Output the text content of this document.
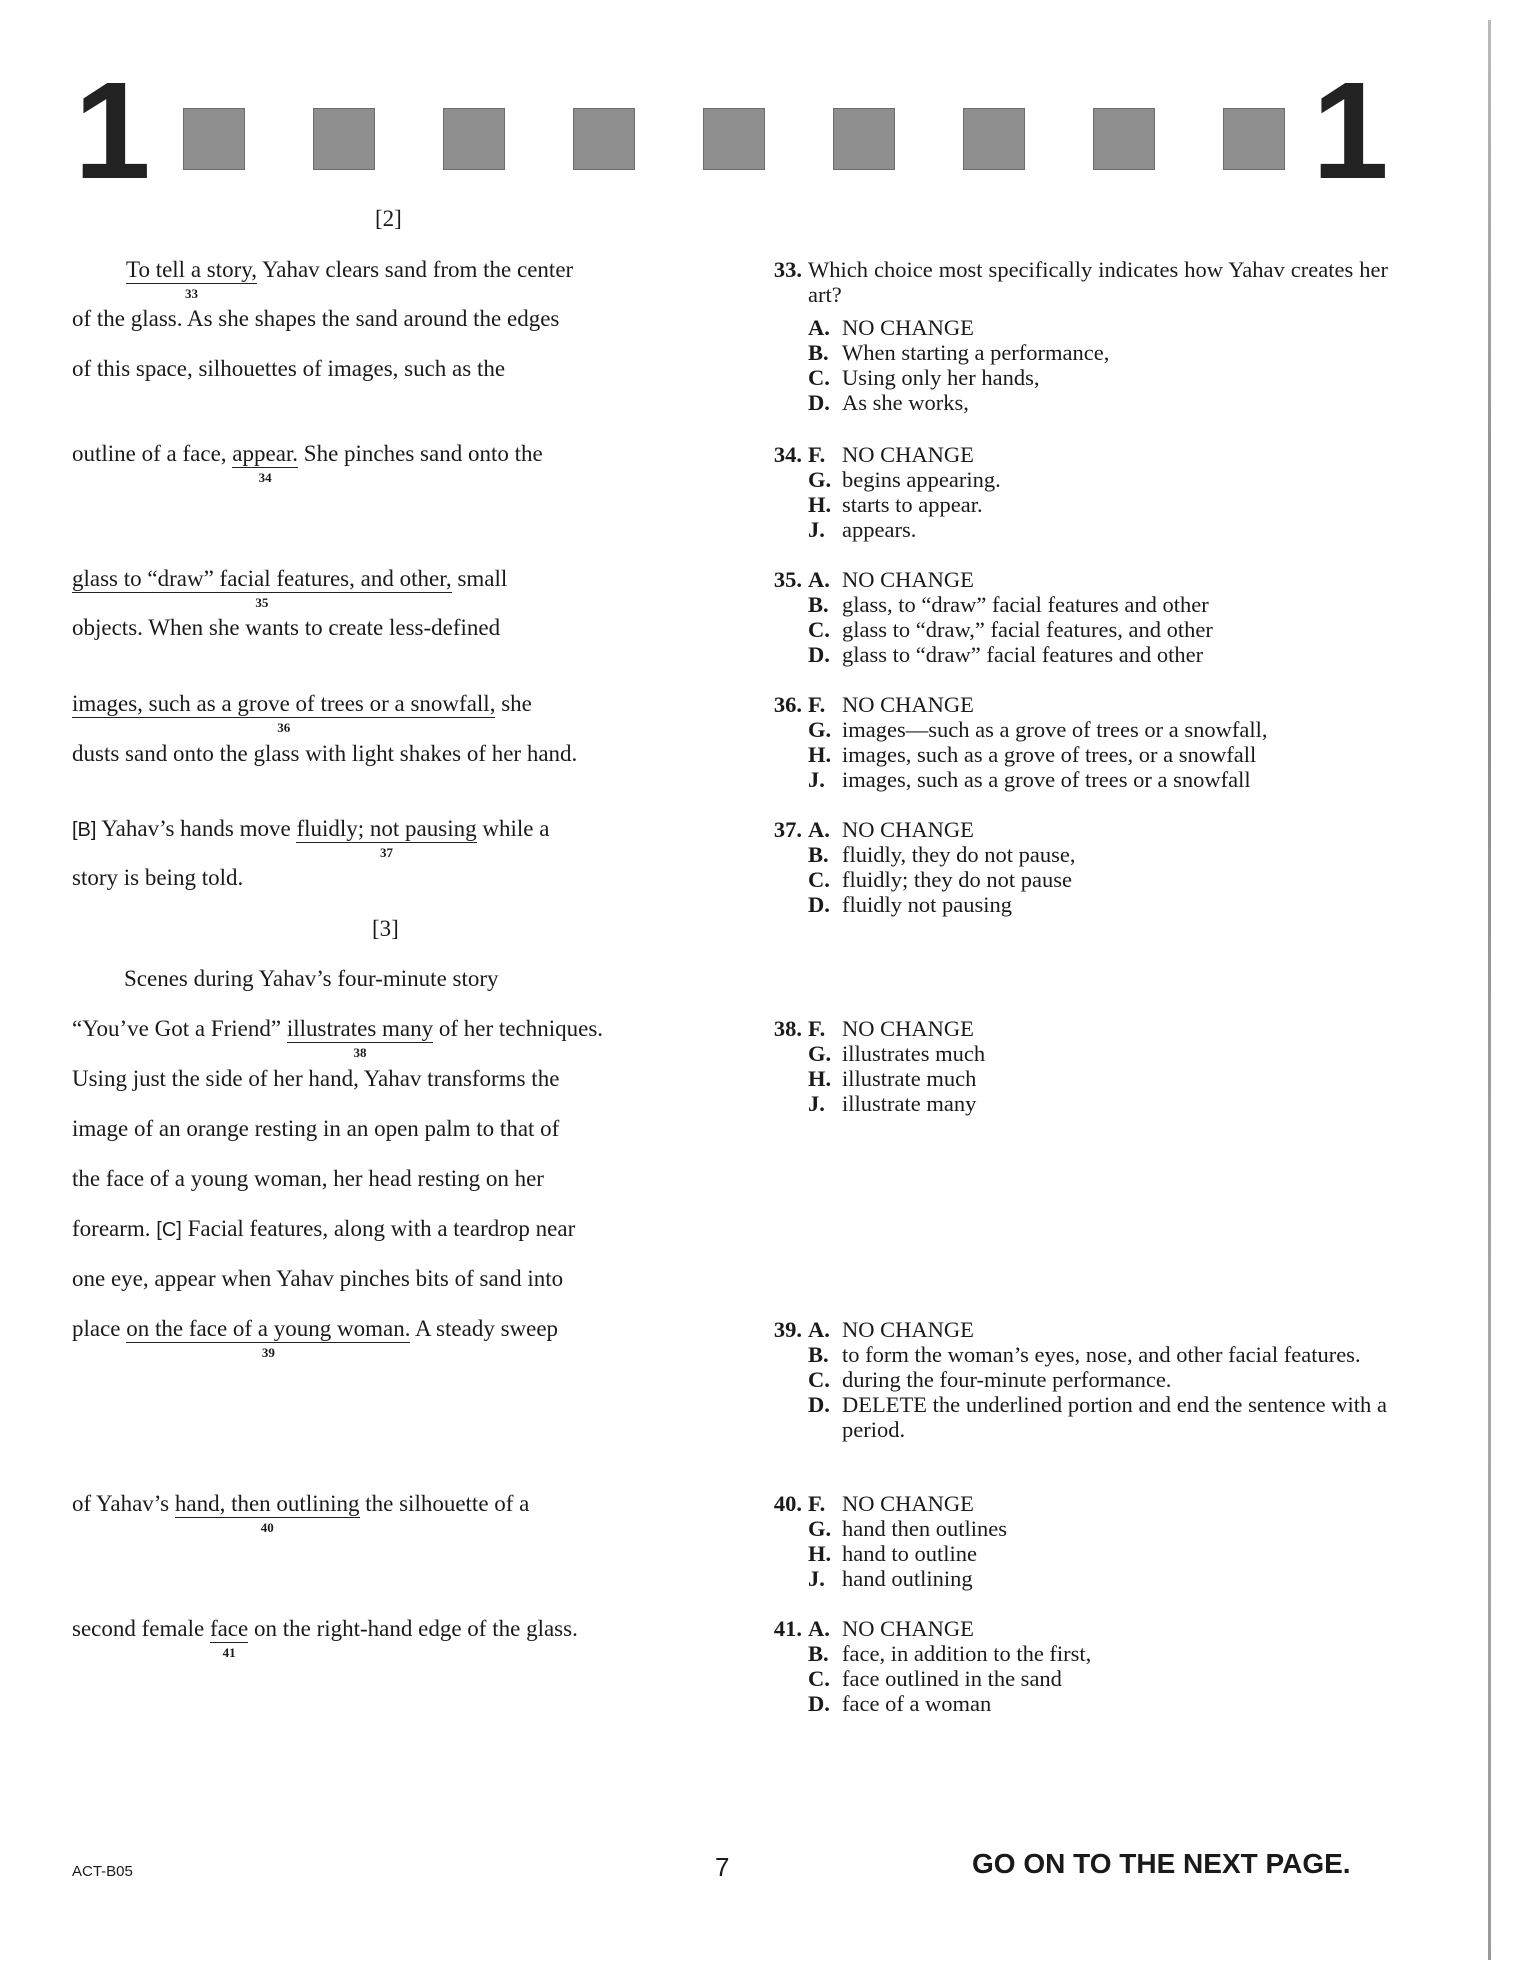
1	1
[2]
To tell a story,
33
Yahav clears sand from the center
of the glass. As she shapes the sand around the edges
of this space, silhouettes of images, such as the
outline of a face, appear.
34
She pinches sand onto the
glass to “draw” facial features, and other,
35
small
objects. When she wants to create less-defined
images, such as a grove of trees or a snowfall,
36
she
dusts sand onto the glass with light shakes of her hand.
[B] Yahav’s hands move fluidly; not pausing
37
while a
story is being told.
[3]
Scenes during Yahav’s four-minute story
“You’ve Got a Friend” illustrates many
38
of her techniques.
Using just the side of her hand, Yahav transforms the
image of an orange resting in an open palm to that of
the face of a young woman, her head resting on her
forearm. [C] Facial features, along with a teardrop near
one eye, appear when Yahav pinches bits of sand into
place on the face of a young woman.
39
A steady sweep
of Yahav’s hand, then outlining
40
the silhouette of a
second female face
41
on the right-hand edge of the glass.
33. Which choice most specifically indicates how Yahav creates her art?
A. NO CHANGE
B. When starting a performance,
C. Using only her hands,
D. As she works,
34. F. NO CHANGE
G. begins appearing.
H. starts to appear.
J. appears.
35. A. NO CHANGE
B. glass, to “draw” facial features and other
C. glass to “draw,” facial features, and other
D. glass to “draw” facial features and other
36. F. NO CHANGE
G. images—such as a grove of trees or a snowfall,
H. images, such as a grove of trees, or a snowfall
J. images, such as a grove of trees or a snowfall
37. A. NO CHANGE
B. fluidly, they do not pause,
C. fluidly; they do not pause
D. fluidly not pausing
38. F. NO CHANGE
G. illustrates much
H. illustrate much
J. illustrate many
39. A. NO CHANGE
B. to form the woman’s eyes, nose, and other facial features.
C. during the four-minute performance.
D. DELETE the underlined portion and end the sentence with a period.
40. F. NO CHANGE
G. hand then outlines
H. hand to outline
J. hand outlining
41. A. NO CHANGE
B. face, in addition to the first,
C. face outlined in the sand
D. face of a woman
ACT-B05	7	GO ON TO THE NEXT PAGE.
